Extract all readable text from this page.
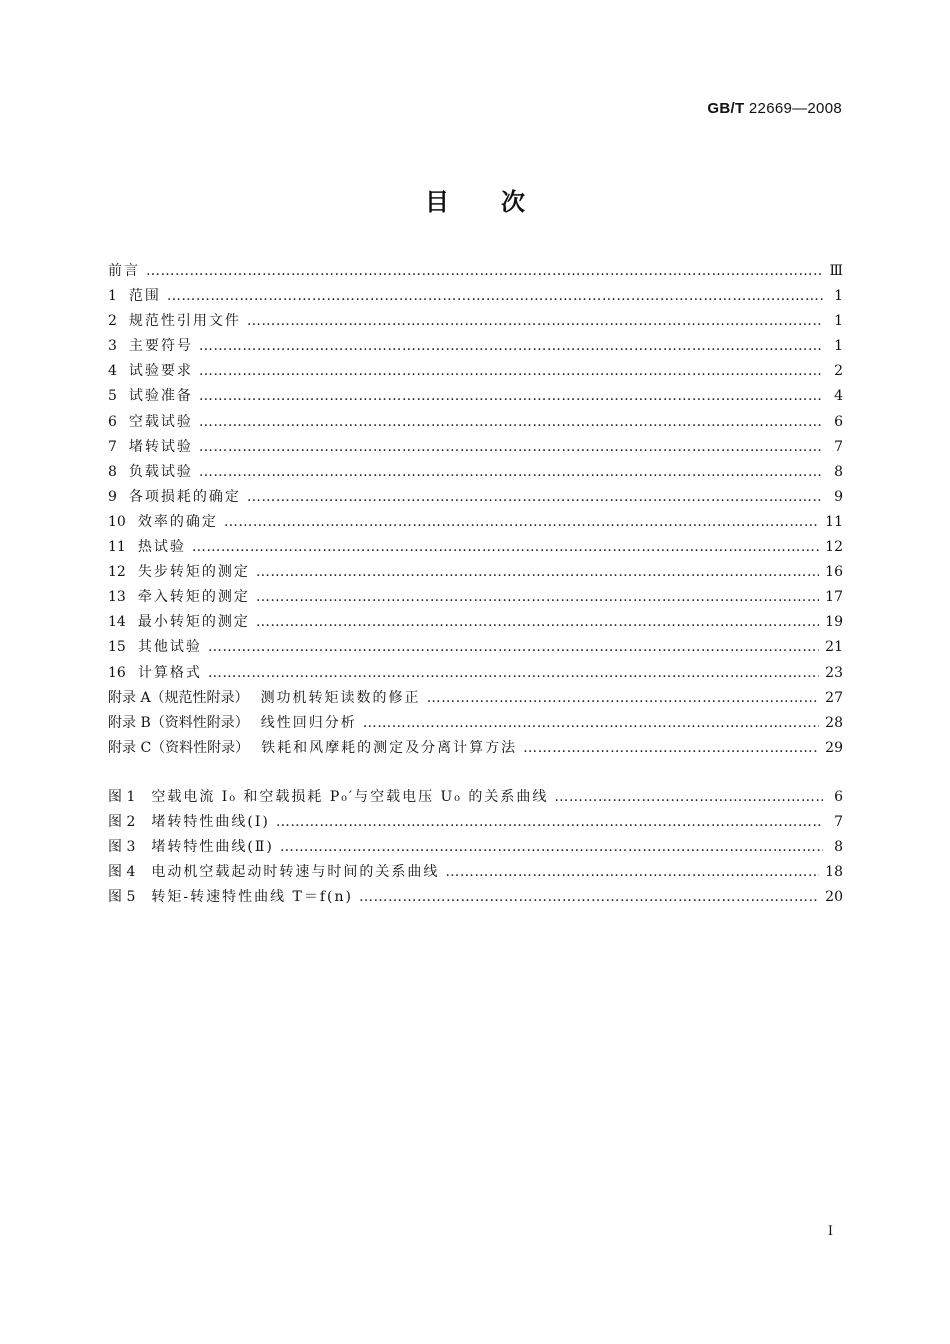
GB/T 22669—2008
目 次
前言 …………………………………………………………………………………………………………………………………………………………………………………………………………	Ⅲ
1 范围 …………………………………………………………………………………………………………………………………………………………………………………………………………	1
2 规范性引用文件 …………………………………………………………………………………………………………………………………………………………………………………………………………	1
3 主要符号 …………………………………………………………………………………………………………………………………………………………………………………………………………	1
4 试验要求 …………………………………………………………………………………………………………………………………………………………………………………………………………	2
5 试验准备 …………………………………………………………………………………………………………………………………………………………………………………………………………	4
6 空载试验 …………………………………………………………………………………………………………………………………………………………………………………………………………	6
7 堵转试验 …………………………………………………………………………………………………………………………………………………………………………………………………………	7
8 负载试验 …………………………………………………………………………………………………………………………………………………………………………………………………………	8
9 各项损耗的确定 …………………………………………………………………………………………………………………………………………………………………………………………………………	9
10 效率的确定 …………………………………………………………………………………………………………………………………………………………………………………………………………	11
11 热试验 …………………………………………………………………………………………………………………………………………………………………………………………………………	12
12 失步转矩的测定 …………………………………………………………………………………………………………………………………………………………………………………………………………	16
13 牵入转矩的测定 …………………………………………………………………………………………………………………………………………………………………………………………………………	17
14 最小转矩的测定 …………………………………………………………………………………………………………………………………………………………………………………………………………	19
15 其他试验 …………………………………………………………………………………………………………………………………………………………………………………………………………	21
16 计算格式 …………………………………………………………………………………………………………………………………………………………………………………………………………	23
附录 A（规范性附录） 测功机转矩读数的修正 …………………………………………………………………………………………………………………………………………………………………………………………………………	27
附录 B（资料性附录） 线性回归分析 …………………………………………………………………………………………………………………………………………………………………………………………………………	28
附录 C（资料性附录） 铁耗和风摩耗的测定及分离计算方法 …………………………………………………………………………………………………………………………………………………………………………………………………………	29
图 1 空载电流 I₀ 和空载损耗 P₀′与空载电压 U₀ 的关系曲线 …………………………………………………………………………………………………………………………………………………………………………………………………………	6
图 2 堵转特性曲线(Ⅰ) …………………………………………………………………………………………………………………………………………………………………………………………………………	7
图 3 堵转特性曲线(Ⅱ) …………………………………………………………………………………………………………………………………………………………………………………………………………	8
图 4 电动机空载起动时转速与时间的关系曲线 …………………………………………………………………………………………………………………………………………………………………………………………………………	18
图 5 转矩-转速特性曲线 T＝f(n) …………………………………………………………………………………………………………………………………………………………………………………………………………	20
I
